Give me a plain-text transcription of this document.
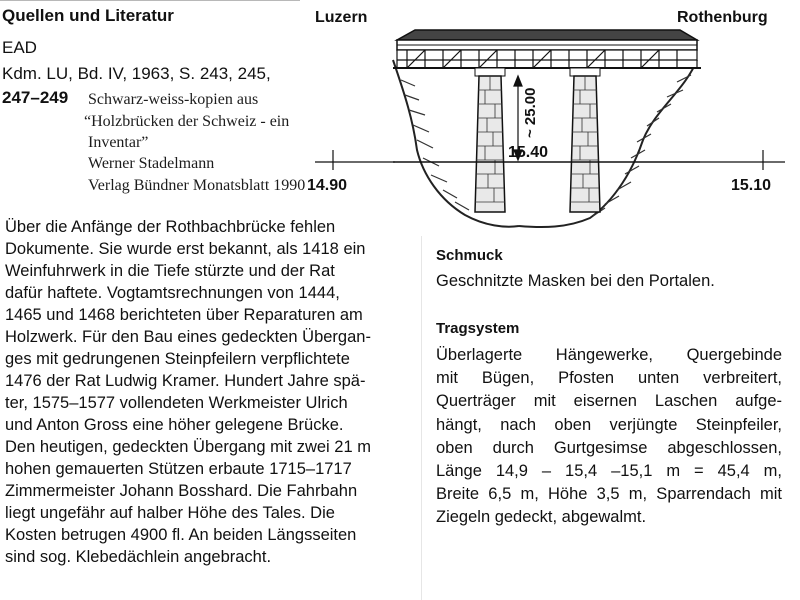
Quellen und Literatur
EAD
Kdm. LU, Bd. IV, 1963, S. 243, 245,
247–249 Schwarz-weiss-kopien aus
“Holzbrücken der Schweiz - ein
Inventar”
Werner Stadelmann
Verlag Bündner Monatsblatt 1990
Luzern	Rothenburg
~ 25.00
15.40
14.90	15.10
Über die Anfänge der Rothbachbrücke fehlen
Dokumente. Sie wurde erst bekannt, als 1418 ein
Weinfuhrwerk in die Tiefe stürzte und der Rat
dafür haftete. Vogtamtsrechnungen von 1444,
1465 und 1468 berichteten über Reparaturen am
Holzwerk. Für den Bau eines gedeckten Übergan-
ges mit gedrungenen Steinpfeilern verpflichtete
1476 der Rat Ludwig Kramer. Hundert Jahre spä-
ter, 1575–1577 vollendeten Werkmeister Ulrich
und Anton Gross eine höher gelegene Brücke.
Den heutigen, gedeckten Übergang mit zwei 21 m
hohen gemauerten Stützen erbaute 1715–1717
Zimmermeister Johann Bosshard. Die Fahrbahn
liegt ungefähr auf halber Höhe des Tales. Die
Kosten betrugen 4900 fl. An beiden Längsseiten
sind sog. Klebedächlein angebracht.
Schmuck
Geschnitzte Masken bei den Portalen.
Tragsystem
Überlagerte Hängewerke, Quergebinde
mit Bügen, Pfosten unten verbreitert,
Querträger mit eisernen Laschen aufge-
hängt, nach oben verjüngte Steinpfeiler,
oben durch Gurtgesimse abgeschlossen,
Länge 14,9 – 15,4 –15,1 m = 45,4 m,
Breite 6,5 m, Höhe 3,5 m, Sparrendach mit
Ziegeln gedeckt, abgewalmt.
